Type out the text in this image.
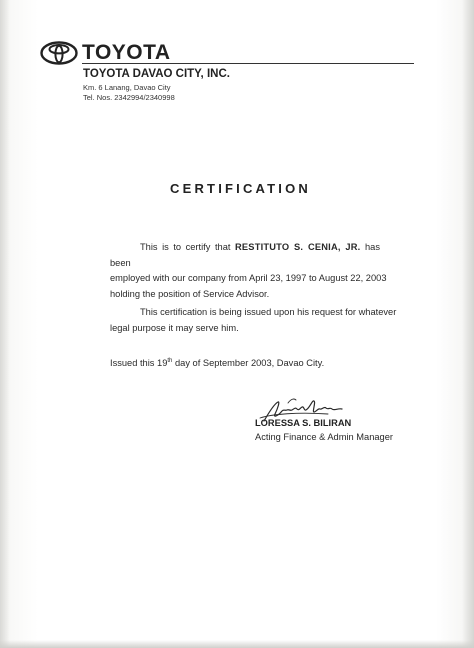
TOYOTA
TOYOTA DAVAO CITY, INC.
Km. 6 Lanang, Davao City
Tel. Nos. 2342994/2340998
CERTIFICATION
This is to certify that RESTITUTO S. CENIA, JR. has been
employed with our company from April 23, 1997 to August 22, 2003
holding the position of Service Advisor.
This certification is being issued upon his request for whatever
legal purpose it may serve him.
Issued this 19th day of September 2003, Davao City.
LORESSA S. BILIRAN
Acting Finance & Admin Manager
